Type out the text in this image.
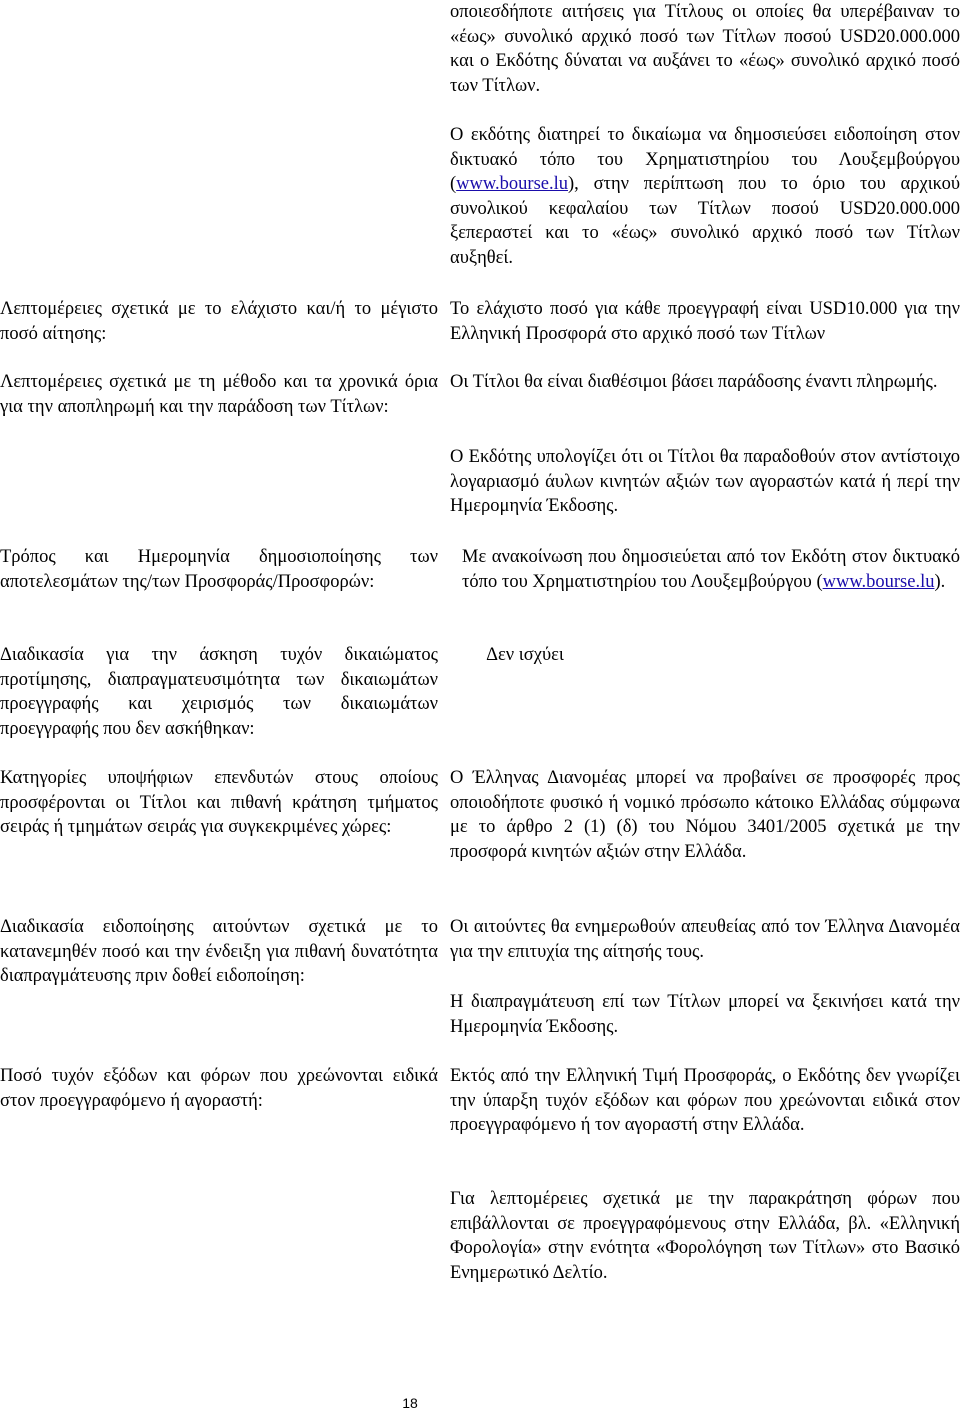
οποιεσδήποτε αιτήσεις για Τίτλους οι οποίες θα υπερέβαιναν το «έως» συνολικό αρχικό ποσό των Τίτλων ποσού USD20.000.000 και ο Εκδότης δύναται να αυξάνει το «έως» συνολικό αρχικό ποσό των Τίτλων.

Ο εκδότης διατηρεί το δικαίωμα να δημοσιεύσει ειδοποίηση στον δικτυακό τόπο του Χρηματιστηρίου του Λουξεμβούργου (www.bourse.lu), στην περίπτωση που το όριο του αρχικού συνολικού κεφαλαίου των Τίτλων ποσού USD20.000.000 ξεπεραστεί και το «έως» συνολικό αρχικό ποσό των Τίτλων αυξηθεί.

Λεπτομέρειες σχετικά με το ελάχιστο και/ή το μέγιστο ποσό αίτησης:

Το ελάχιστο ποσό για κάθε προεγγραφή είναι USD10.000 για την Ελληνική Προσφορά στο αρχικό ποσό των Τίτλων

Λεπτομέρειες σχετικά με τη μέθοδο και τα χρονικά όρια για την αποπληρωμή και την παράδοση των Τίτλων:

Οι Τίτλοι θα είναι διαθέσιμοι βάσει παράδοσης έναντι πληρωμής.

Ο Εκδότης υπολογίζει ότι οι Τίτλοι θα παραδοθούν στον αντίστοιχο λογαριασμό άυλων κινητών αξιών των αγοραστών κατά ή περί την Ημερομηνία Έκδοσης.

Τρόπος και Ημερομηνία δημοσιοποίησης των αποτελεσμάτων της/των Προσφοράς/Προσφορών:

Με ανακοίνωση που δημοσιεύεται από τον Εκδότη στον δικτυακό τόπο του Χρηματιστηρίου του Λουξεμβούργου (www.bourse.lu).

Διαδικασία για την άσκηση τυχόν δικαιώματος προτίμησης, διαπραγματευσιμότητα των δικαιωμάτων προεγγραφής και χειρισμός των δικαιωμάτων προεγγραφής που δεν ασκήθηκαν:

Δεν ισχύει

Κατηγορίες υποψήφιων επενδυτών στους οποίους προσφέρονται οι Τίτλοι και πιθανή κράτηση τμήματος σειράς ή τμημάτων σειράς για συγκεκριμένες χώρες:

Ο Έλληνας Διανομέας μπορεί να προβαίνει σε προσφορές προς οποιοδήποτε φυσικό ή νομικό πρόσωπο κάτοικο Ελλάδας σύμφωνα με το άρθρο 2 (1) (δ) του Νόμου 3401/2005 σχετικά με την προσφορά κινητών αξιών στην Ελλάδα.

Διαδικασία ειδοποίησης αιτούντων σχετικά με το κατανεμηθέν ποσό και την ένδειξη για πιθανή δυνατότητα διαπραγμάτευσης πριν δοθεί ειδοποίηση:

Οι αιτούντες θα ενημερωθούν απευθείας από τον Έλληνα Διανομέα για την επιτυχία της αίτησής τους.

Η διαπραγμάτευση επί των Τίτλων μπορεί να ξεκινήσει κατά την Ημερομηνία Έκδοσης.

Ποσό τυχόν εξόδων και φόρων που χρεώνονται ειδικά στον προεγγραφόμενο ή αγοραστή:

Εκτός από την Ελληνική Τιμή Προσφοράς, ο Εκδότης δεν γνωρίζει την ύπαρξη τυχόν εξόδων και φόρων που χρεώνονται ειδικά στον προεγγραφόμενο ή τον αγοραστή στην Ελλάδα.

Για λεπτομέρειες σχετικά με την παρακράτηση φόρων που επιβάλλονται σε προεγγραφόμενους στην Ελλάδα, βλ. «Ελληνική Φορολογία» στην ενότητα «Φορολόγηση των Τίτλων» στο Βασικό Ενημερωτικό Δελτίο.

18
